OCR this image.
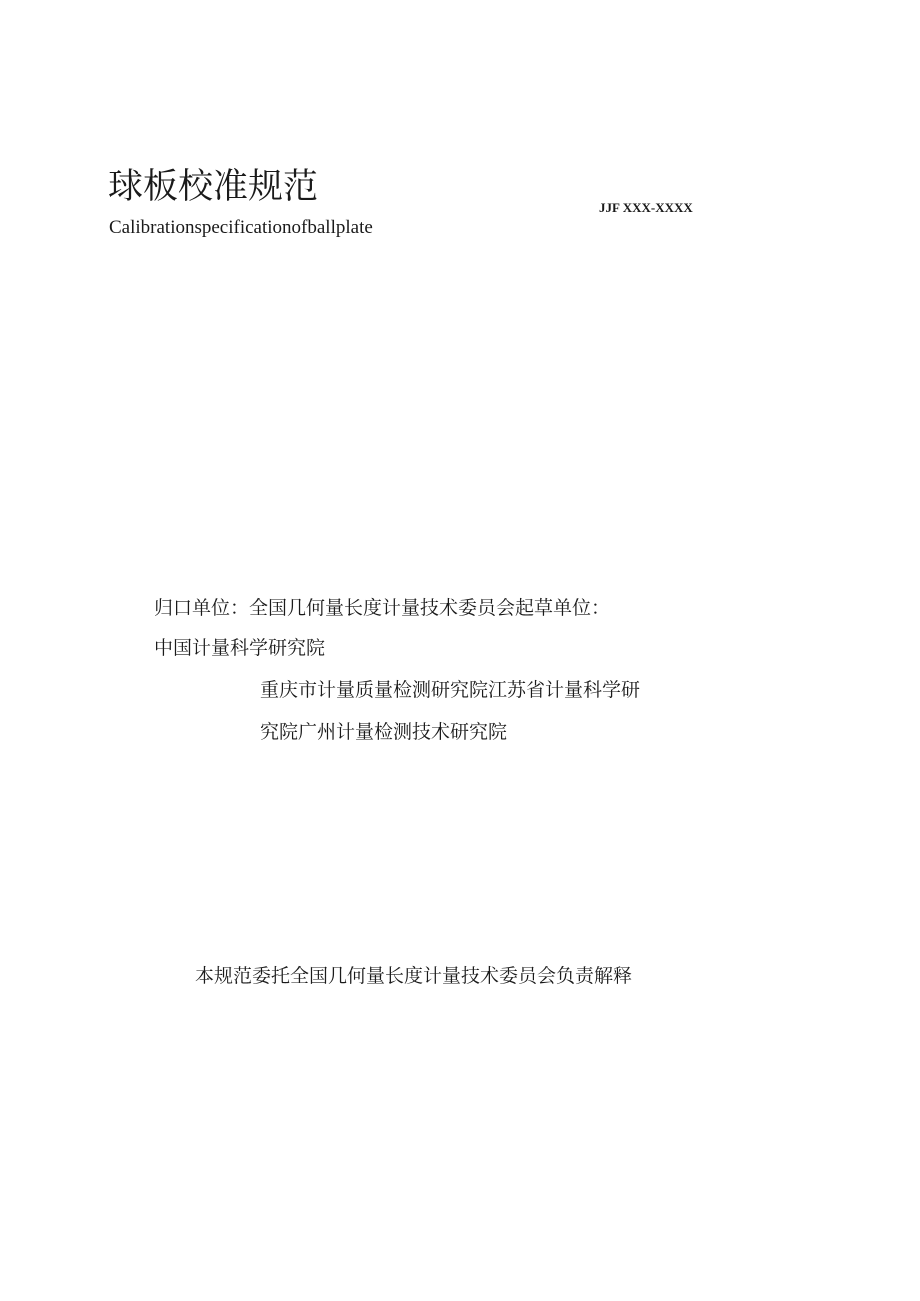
球板校准规范
Calibrationspecificationofballplate
JJF XXX-XXXX
归口单位：全国几何量长度计量技术委员会起草单位：
中国计量科学研究院
重庆市计量质量检测研究院江苏省计量科学研
究院广州计量检测技术研究院
本规范委托全国几何量长度计量技术委员会负责解释
